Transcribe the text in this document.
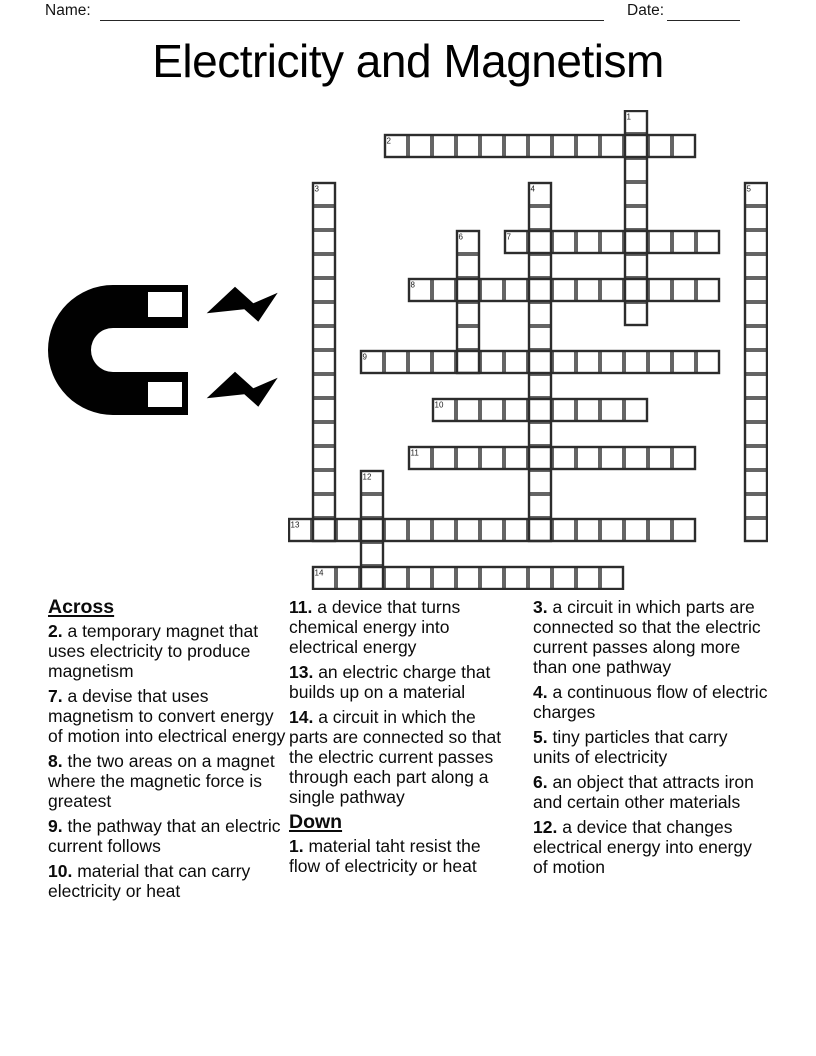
Name:	Date:
Electricity and Magnetism
1
2
3	4	5
6	7
8
9
10
11
12
13
14
Across
2. a temporary magnet that uses electricity to produce magnetism
7. a devise that uses magnetism to convert energy of motion into electrical energy
8. the two areas on a magnet where the magnetic force is greatest
9. the pathway that an electric current follows
10. material that can carry electricity or heat
11. a device that turns chemical energy into electrical energy
13. an electric charge that builds up on a material
14. a circuit in which the parts are connected so that the electric current passes through each part along a single pathway
Down
1. material taht resist the flow of electricity or heat
3. a circuit in which parts are connected so that the electric current passes along more than one pathway
4. a continuous flow of electric charges
5. tiny particles that carry units of electricity
6. an object that attracts iron and certain other materials
12. a device that changes electrical energy into energy of motion
